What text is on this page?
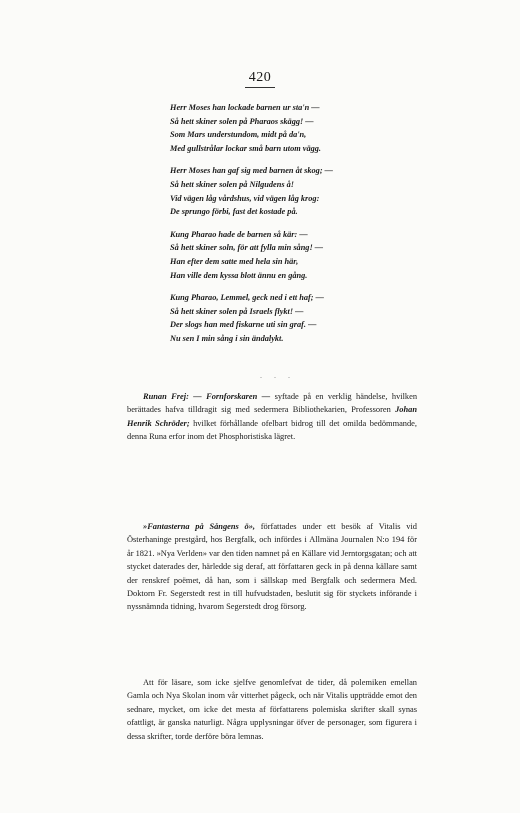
420
Herr Moses han lockade barnen ur sta'n —
Så hett skiner solen på Pharaos skägg! —
Som Mars understundom, midt på da'n,
Med gullstrålar lockar små barn utom vägg.
Herr Moses han gaf sig med barnen åt skog; —
Så hett skiner solen på Nilgudens å!
Vid vägen låg vårdshus, vid vägen låg krog:
De sprungo förbi, fast det kostade på.
Kung Pharao hade de barnen så kär: —
Så hett skiner soln, för att fylla min sång! —
Han efter dem satte med hela sin här,
Han ville dem kyssa blott ännu en gång.
Kung Pharao, Lemmel, geck ned i ett haf; —
Så hett skiner solen på Israels flykt! —
Der slogs han med fiskarne uti sin graf. —
Nu sen I min sång i sin ändalykt.
. . .
Runan Frej: — Fornforskaren — syftade på en verklig händelse, hvilken berättades hafva tilldragit sig med sedermera Bibliothekarien, Professoren Johan Henrik Schröder; hvilket förhållande ofelbart bidrog till det omilda bedömmande, denna Runa erfor inom det Phosphoristiska lägret.
»Fantasterna på Sångens ö», författades under ett besök af Vitalis vid Österhaninge prestgård, hos Bergfalk, och infördes i Allmäna Journalen N:o 194 för år 1821. »Nya Verlden» var den tiden namnet på en Källare vid Jerntorgsgatan; och att stycket daterades der, härledde sig deraf, att författaren geck in på denna källare samt der renskref poëmet, då han, som i sällskap med Bergfalk och sedermera Med. Doktorn Fr. Segerstedt rest in till hufvudstaden, beslutit sig för styckets införande i nyssnämnda tidning, hvarom Segerstedt drog försorg.
Att för läsare, som icke sjelfve genomlefvat de tider, då polemiken emellan Gamla och Nya Skolan inom vår vitterhet pågeck, och när Vitalis uppträdde emot den sednare, mycket, om icke det mesta af författarens polemiska skrifter skall synas ofattligt, är ganska naturligt. Några upplysningar öfver de personager, som figurera i dessa skrifter, torde derföre böra lemnas.
